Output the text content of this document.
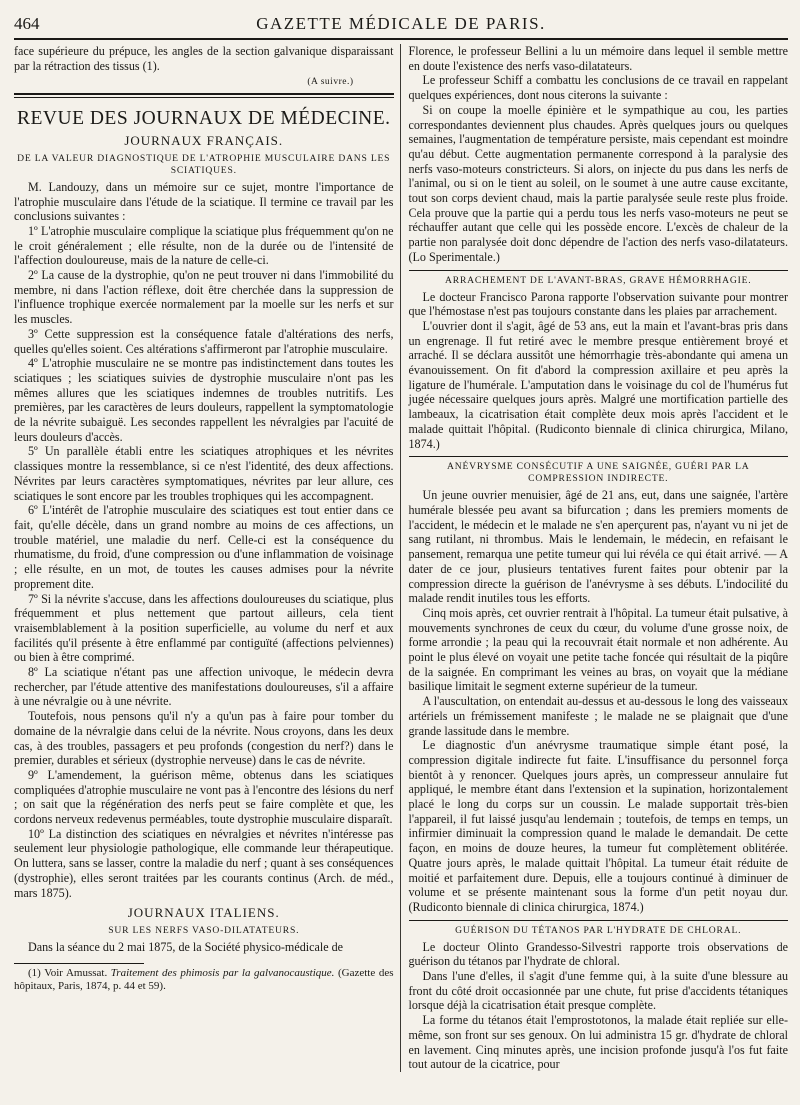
464	GAZETTE MÉDICALE DE PARIS.

face supérieure du prépuce, les angles de la section galvanique disparaissant par la rétraction des tissus (1).

(A suivre.)
REVUE DES JOURNAUX DE MÉDECINE.
JOURNAUX FRANÇAIS.
DE LA VALEUR DIAGNOSTIQUE DE L'ATROPHIE MUSCULAIRE DANS LES SCIATIQUES.

M. Landouzy, dans un mémoire sur ce sujet, montre l'importance de l'atrophie musculaire dans l'étude de la sciatique. Il termine ce travail par les conclusions suivantes :

1º L'atrophie musculaire complique la sciatique plus fréquemment qu'on ne le croit généralement ; elle résulte, non de la durée ou de l'intensité de l'affection douloureuse, mais de la nature de celle-ci.

2º La cause de la dystrophie, qu'on ne peut trouver ni dans l'immobilité du membre, ni dans l'action réflexe, doit être cherchée dans la suppression de l'influence trophique exercée normalement par la moelle sur les nerfs et sur les muscles.

3º Cette suppression est la conséquence fatale d'altérations des nerfs, quelles qu'elles soient. Ces altérations s'affirmeront par l'atrophie musculaire.

4º L'atrophie musculaire ne se montre pas indistinctement dans toutes les sciatiques ; les sciatiques suivies de dystrophie musculaire n'ont pas les mêmes allures que les sciatiques indemnes de troubles nutritifs. Les premières, par les caractères de leurs douleurs, rappellent la symptomatologie de la névrite subaiguë. Les secondes rappellent les névralgies par l'acuité de leurs douleurs d'accès.

5º Un parallèle établi entre les sciatiques atrophiques et les névrites classiques montre la ressemblance, si ce n'est l'identité, des deux affections. Névrites par leurs caractères symptomatiques, névrites par leur allure, ces sciatiques le sont encore par les troubles trophiques qui les accompagnent.

6º L'intérêt de l'atrophie musculaire des sciatiques est tout entier dans ce fait, qu'elle décèle, dans un grand nombre au moins de ces affections, un trouble matériel, une maladie du nerf. Celle-ci est la conséquence du rhumatisme, du froid, d'une compression ou d'une inflammation de voisinage ; elle résulte, en un mot, de toutes les causes admises pour la névrite proprement dite.

7º Si la névrite s'accuse, dans les affections douloureuses du sciatique, plus fréquemment et plus nettement que partout ailleurs, cela tient vraisemblablement à la position superficielle, au volume du nerf et aux facilités qu'il présente à être enflammé par contiguïté (affections pelviennes) ou bien à être comprimé.

8º La sciatique n'étant pas une affection univoque, le médecin devra rechercher, par l'étude attentive des manifestations douloureuses, s'il a affaire à une névralgie ou à une névrite.

Toutefois, nous pensons qu'il n'y a qu'un pas à faire pour tomber du domaine de la névralgie dans celui de la névrite. Nous croyons, dans les deux cas, à des troubles, passagers et peu profonds (congestion du nerf?) dans le premier, durables et sérieux (dystrophie nerveuse) dans le cas de névrite.

9º L'amendement, la guérison même, obtenus dans les sciatiques compliquées d'atrophie musculaire ne vont pas à l'encontre des lésions du nerf ; on sait que la régénération des nerfs peut se faire complète et que, les cordons nerveux redevenus perméables, toute dystrophie musculaire disparaît.

10º La distinction des sciatiques en névralgies et névrites n'intéresse pas seulement leur physiologie pathologique, elle commande leur thérapeutique. On luttera, sans se lasser, contre la maladie du nerf ; quant à ses conséquences (dystrophie), elles seront traitées par les courants continus (Arch. de méd., mars 1875).

JOURNAUX ITALIENS.
SUR LES NERFS VASO-DILATATEURS.

Dans la séance du 2 mai 1875, de la Société physico-médicale de

(1) Voir Amussat. Traitement des phimosis par la galvanocaustique. (Gazette des hôpitaux, Paris, 1874, p. 44 et 59).

Florence, le professeur Bellini a lu un mémoire dans lequel il semble mettre en doute l'existence des nerfs vaso-dilatateurs.

Le professeur Schiff a combattu les conclusions de ce travail en rappelant quelques expériences, dont nous citerons la suivante :

Si on coupe la moelle épinière et le sympathique au cou, les parties correspondantes deviennent plus chaudes. Après quelques jours ou quelques semaines, l'augmentation de température persiste, mais cependant est moindre qu'au début. Cette augmentation permanente correspond à la paralysie des nerfs vaso-moteurs constricteurs. Si alors, on injecte du pus dans les nerfs de l'animal, ou si on le tient au soleil, on le soumet à une autre cause excitante, tout son corps devient chaud, mais la partie paralysée seule reste plus froide. Cela prouve que la partie qui a perdu tous les nerfs vaso-moteurs ne peut se réchauffer autant que celle qui les possède encore. L'excès de chaleur de la partie non paralysée doit donc dépendre de l'action des nerfs vaso-dilatateurs. (Lo Sperimentale.)

ARRACHEMENT DE L'AVANT-BRAS, GRAVE HÉMORRHAGIE.

Le docteur Francisco Parona rapporte l'observation suivante pour montrer que l'hémostase n'est pas toujours constante dans les plaies par arrachement.

L'ouvrier dont il s'agit, âgé de 53 ans, eut la main et l'avant-bras pris dans un engrenage. Il fut retiré avec le membre presque entièrement broyé et arraché. Il se déclara aussitôt une hémorrhagie très-abondante qui amena un évanouissement. On fit d'abord la compression axillaire et peu après la ligature de l'humérale. L'amputation dans le voisinage du col de l'humérus fut jugée nécessaire quelques jours après. Malgré une mortification partielle des lambeaux, la cicatrisation était complète deux mois après l'accident et le malade quittait l'hôpital. (Rudiconto biennale di clinica chirurgica, Milano, 1874.)

ANÉVRYSME CONSÉCUTIF A UNE SAIGNÉE, GUÉRI PAR LA COMPRESSION INDIRECTE.

Un jeune ouvrier menuisier, âgé de 21 ans, eut, dans une saignée, l'artère humérale blessée peu avant sa bifurcation ; dans les premiers moments de l'accident, le médecin et le malade ne s'en aperçurent pas, n'ayant vu ni jet de sang rutilant, ni thrombus. Mais le lendemain, le médecin, en refaisant le pansement, remarqua une petite tumeur qui lui révéla ce qui était arrivé. — A dater de ce jour, plusieurs tentatives furent faites pour obtenir par la compression directe la guérison de l'anévrysme à ses débuts. L'indocilité du malade rendit inutiles tous les efforts.

Cinq mois après, cet ouvrier rentrait à l'hôpital. La tumeur était pulsative, à mouvements synchrones de ceux du cœur, du volume d'une grosse noix, de forme arrondie ; la peau qui la recouvrait était normale et non adhérente. Au point le plus élevé on voyait une petite tache foncée qui résultait de la piqûre de la saignée. En comprimant les veines au bras, on voyait que la médiane basilique limitait le segment externe supérieur de la tumeur.

A l'auscultation, on entendait au-dessus et au-dessous le long des vaisseaux artériels un frémissement manifeste ; le malade ne se plaignait que d'une grande lassitude dans le membre.

Le diagnostic d'un anévrysme traumatique simple étant posé, la compression digitale indirecte fut faite. L'insuffisance du personnel força bientôt à y renoncer. Quelques jours après, un compresseur annulaire fut appliqué, le membre étant dans l'extension et la supination, horizontalement placé le long du corps sur un coussin. Le malade supportait très-bien l'appareil, il fut laissé jusqu'au lendemain ; toutefois, de temps en temps, un infirmier diminuait la compression quand le malade le demandait. De cette façon, en moins de douze heures, la tumeur fut complètement oblitérée. Quatre jours après, le malade quittait l'hôpital. La tumeur était réduite de moitié et parfaitement dure. Depuis, elle a toujours continué à diminuer de volume et se présente maintenant sous la forme d'un petit noyau dur. (Rudiconto biennale di clinica chirurgica, 1874.)

GUÉRISON DU TÉTANOS PAR L'HYDRATE DE CHLORAL.

Le docteur Olinto Grandesso-Silvestri rapporte trois observations de guérison du tétanos par l'hydrate de chloral.

Dans l'une d'elles, il s'agit d'une femme qui, à la suite d'une blessure au front du côté droit occasionnée par une chute, fut prise d'accidents tétaniques lorsque déjà la cicatrisation était presque complète.

La forme du tétanos était l'emprostotonos, la malade était repliée sur elle-même, son front sur ses genoux. On lui administra 15 gr. d'hydrate de chloral en lavement. Cinq minutes après, une incision profonde jusqu'à l'os fut faite tout autour de la cicatrice, pour
